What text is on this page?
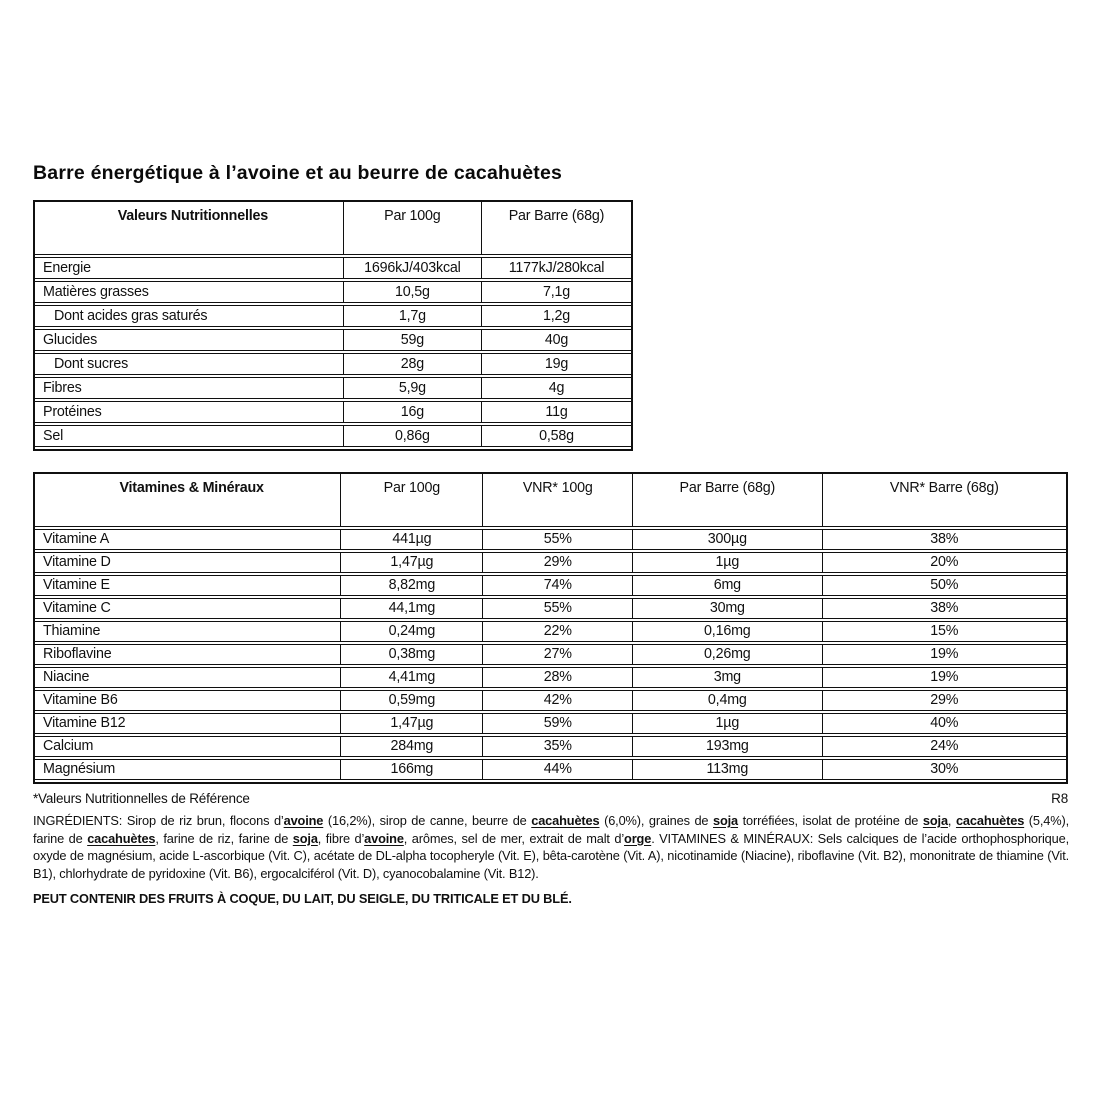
Barre énergétique à l’avoine et au beurre de cacahuètes
Valeurs Nutritionnelles	Par 100g	Par Barre (68g)
Energie	1696kJ/403kcal	1177kJ/280kcal
Matières grasses	10,5g	7,1g
Dont acides gras saturés	1,7g	1,2g
Glucides	59g	40g
Dont sucres	28g	19g
Fibres	5,9g	4g
Protéines	16g	11g
Sel	0,86g	0,58g
Vitamines & Minéraux	Par 100g	VNR* 100g	Par Barre (68g)	VNR* Barre (68g)
Vitamine A	441µg	55%	300µg	38%
Vitamine D	1,47µg	29%	1µg	20%
Vitamine E	8,82mg	74%	6mg	50%
Vitamine C	44,1mg	55%	30mg	38%
Thiamine	0,24mg	22%	0,16mg	15%
Riboflavine	0,38mg	27%	0,26mg	19%
Niacine	4,41mg	28%	3mg	19%
Vitamine B6	0,59mg	42%	0,4mg	29%
Vitamine B12	1,47µg	59%	1µg	40%
Calcium	284mg	35%	193mg	24%
Magnésium	166mg	44%	113mg	30%
*Valeurs Nutritionnelles de Référence	R8

INGRÉDIENTS: Sirop de riz brun, flocons d’avoine (16,2%), sirop de canne, beurre de cacahuètes (6,0%), graines de soja torréfiées, isolat de protéine de soja, cacahuètes (5,4%), farine de cacahuètes, farine de riz, farine de soja, fibre d’avoine, arômes, sel de mer, extrait de malt d’orge. VITAMINES & MINÉRAUX: Sels calciques de l’acide orthophosphorique, oxyde de magnésium, acide L-ascorbique (Vit. C), acétate de DL-alpha tocopheryle (Vit. E), bêta-carotène (Vit. A), nicotinamide (Niacine), riboflavine (Vit. B2), mononitrate de thiamine (Vit. B1), chlorhydrate de pyridoxine (Vit. B6), ergocalciférol (Vit. D), cyanocobalamine (Vit. B12).

PEUT CONTENIR DES FRUITS À COQUE, DU LAIT, DU SEIGLE, DU TRITICALE ET DU BLÉ.
